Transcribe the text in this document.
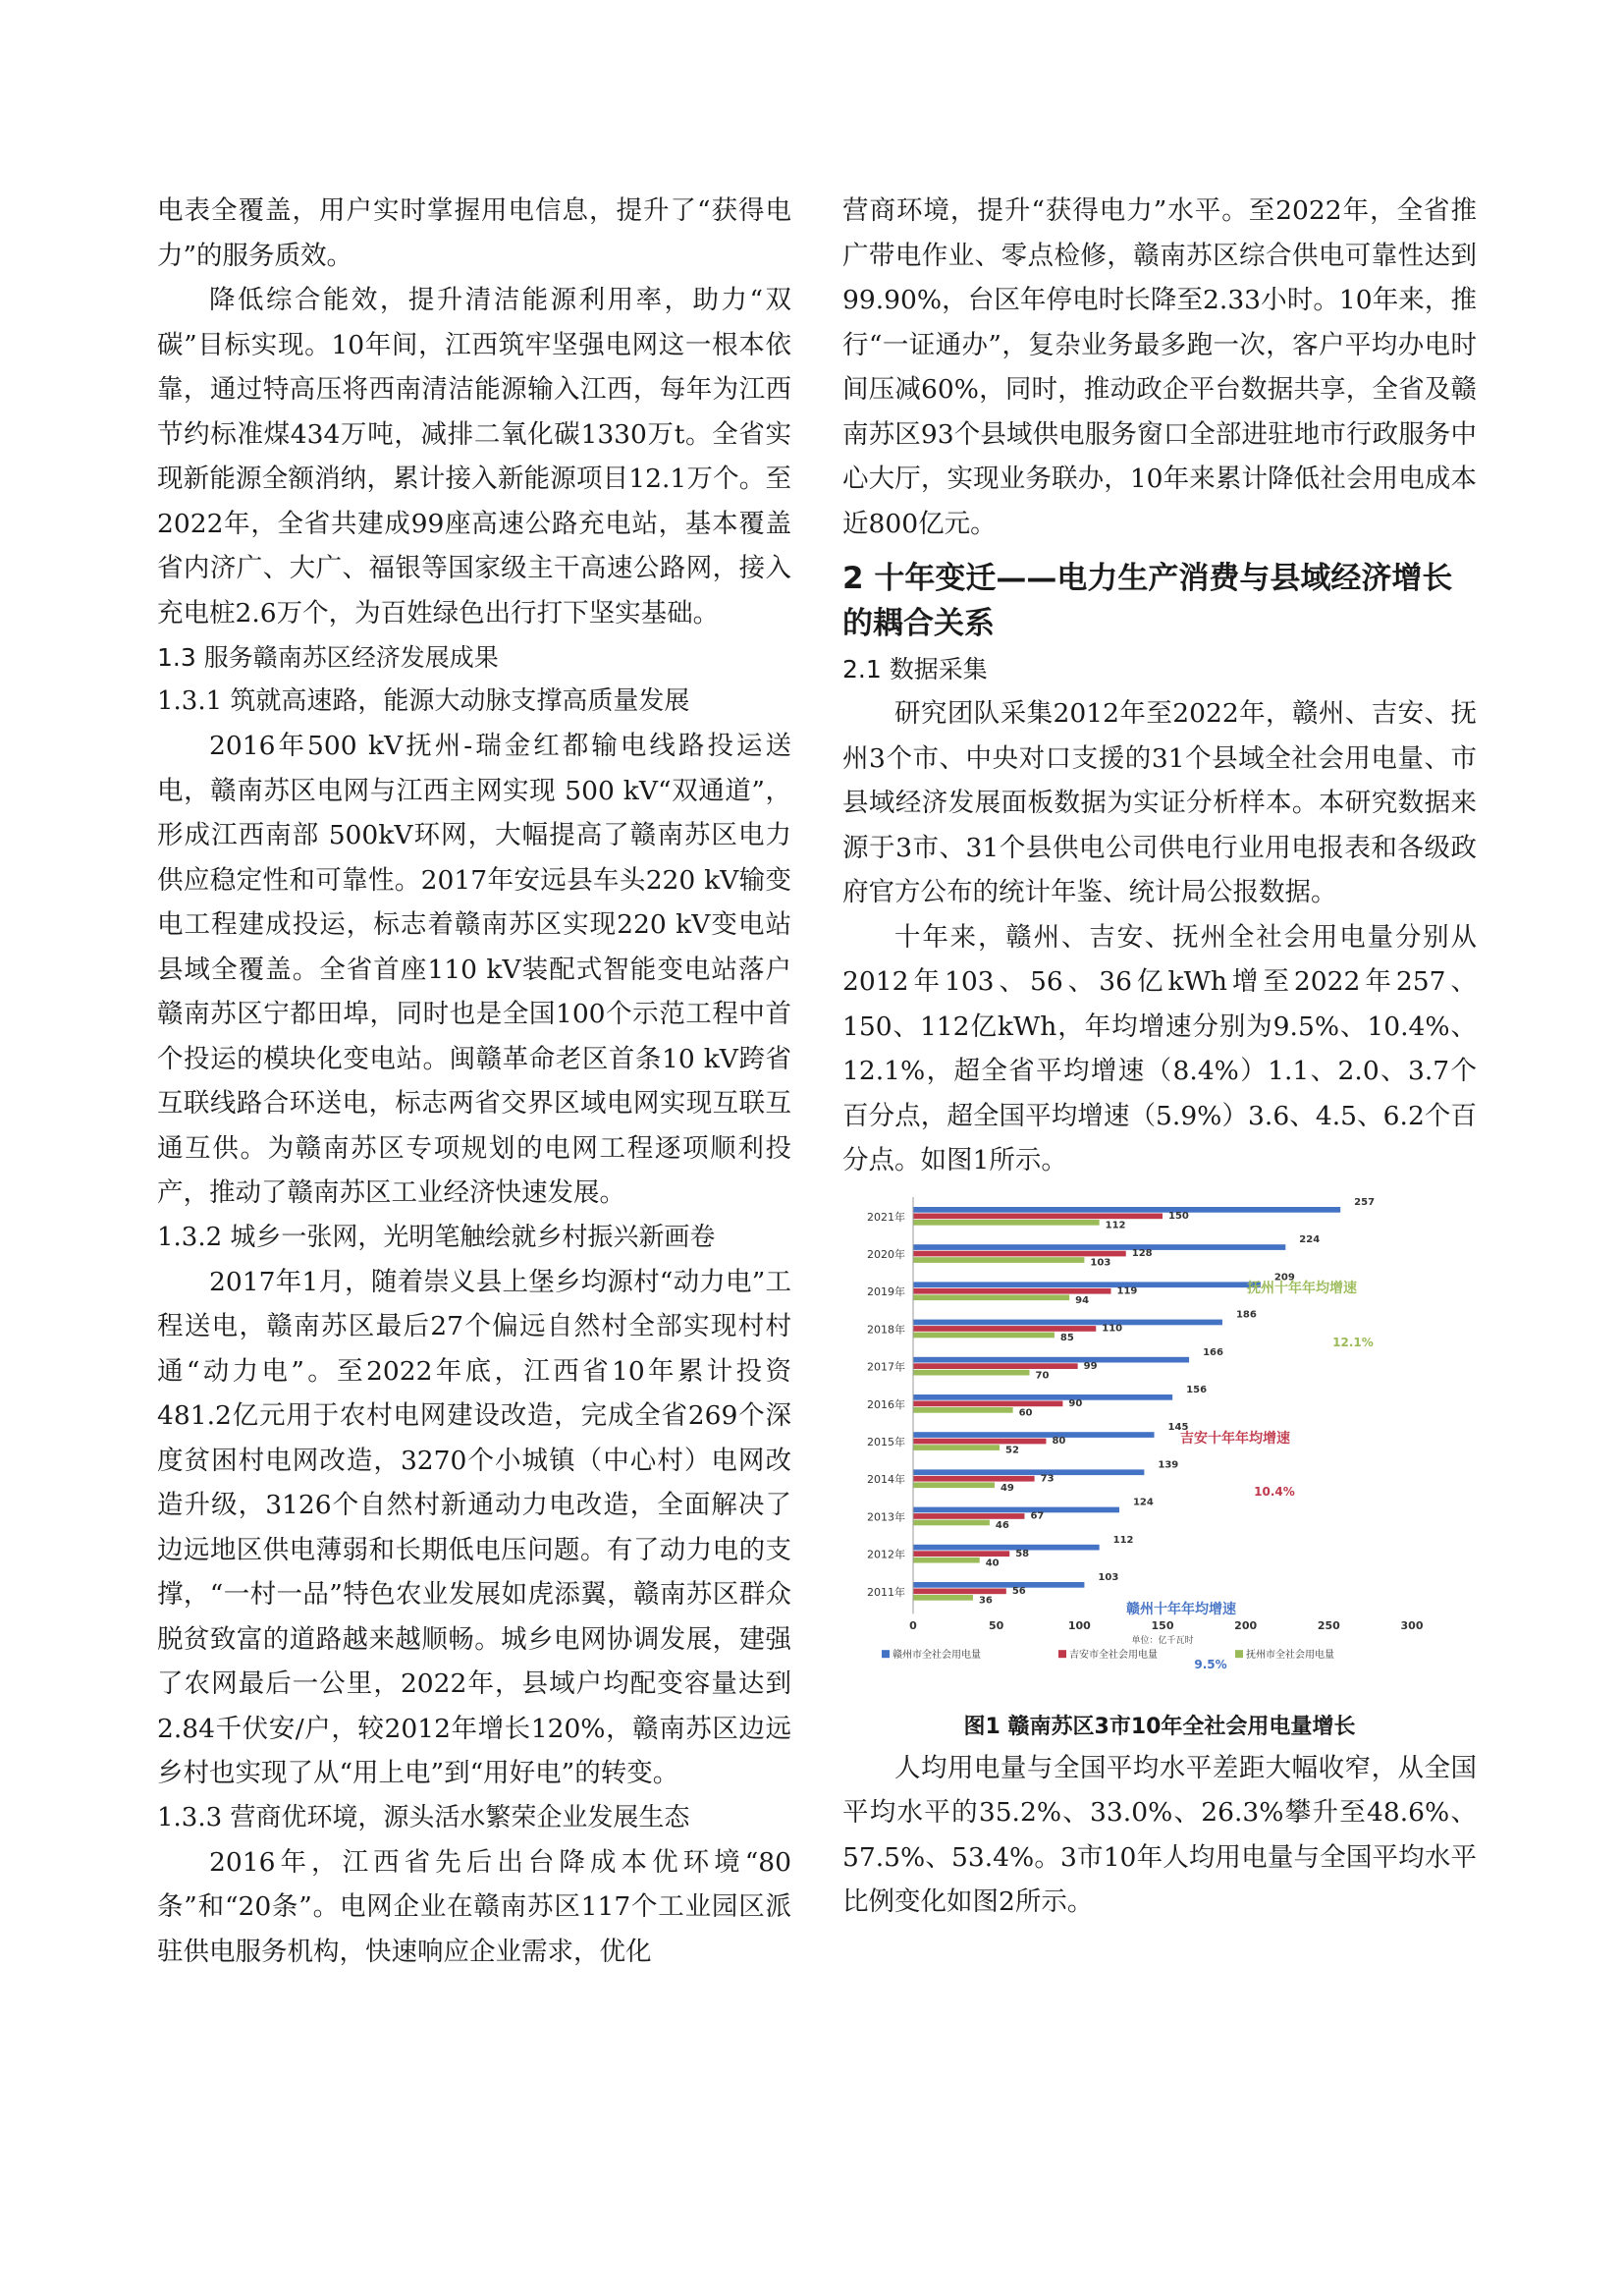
电表全覆盖，用户实时掌握用电信息，提升了“获得电力”的服务质效。

降低综合能效，提升清洁能源利用率，助力“双碳”目标实现。10年间，江西筑牢坚强电网这一根本依靠，通过特高压将西南清洁能源输入江西，每年为江西节约标准煤434万吨，减排二氧化碳1330万t。全省实现新能源全额消纳，累计接入新能源项目12.1万个。至2022年，全省共建成99座高速公路充电站，基本覆盖省内济广、大广、福银等国家级主干高速公路网，接入充电桩2.6万个，为百姓绿色出行打下坚实基础。

1.3 服务赣南苏区经济发展成果

1.3.1 筑就高速路，能源大动脉支撑高质量发展

2016年500 kV抚州-瑞金红都输电线路投运送电，赣南苏区电网与江西主网实现 500 kV“双通道”，形成江西南部 500kV环网，大幅提高了赣南苏区电力供应稳定性和可靠性。2017年安远县车头220 kV输变电工程建成投运，标志着赣南苏区实现220 kV变电站县域全覆盖。全省首座110 kV装配式智能变电站落户赣南苏区宁都田埠，同时也是全国100个示范工程中首个投运的模块化变电站。闽赣革命老区首条10 kV跨省互联线路合环送电，标志两省交界区域电网实现互联互通互供。为赣南苏区专项规划的电网工程逐项顺利投产，推动了赣南苏区工业经济快速发展。

1.3.2 城乡一张网，光明笔触绘就乡村振兴新画卷

2017年1月，随着崇义县上堡乡均源村“动力电”工程送电，赣南苏区最后27个偏远自然村全部实现村村通“动力电”。至2022年底，江西省10年累计投资481.2亿元用于农村电网建设改造，完成全省269个深度贫困村电网改造，3270个小城镇（中心村）电网改造升级，3126个自然村新通动力电改造，全面解决了边远地区供电薄弱和长期低电压问题。有了动力电的支撑，“一村一品”特色农业发展如虎添翼，赣南苏区群众脱贫致富的道路越来越顺畅。城乡电网协调发展，建强了农网最后一公里，2022年，县域户均配变容量达到2.84千伏安/户，较2012年增长120%，赣南苏区边远乡村也实现了从“用上电”到“用好电”的转变。

1.3.3 营商优环境，源头活水繁荣企业发展生态

2016年，江西省先后出台降成本优环境“80条”和“20条”。电网企业在赣南苏区117个工业园区派驻供电服务机构，快速响应企业需求，优化

营商环境，提升“获得电力”水平。至2022年，全省推广带电作业、零点检修，赣南苏区综合供电可靠性达到99.90%，台区年停电时长降至2.33小时。10年来，推行“一证通办”，复杂业务最多跑一次，客户平均办电时间压减60%，同时，推动政企平台数据共享，全省及赣南苏区93个县域供电服务窗口全部进驻地市行政服务中心大厅，实现业务联办，10年来累计降低社会用电成本近800亿元。

2 十年变迁——电力生产消费与县域经济增长的耦合关系

2.1 数据采集

研究团队采集2012年至2022年，赣州、吉安、抚州3个市、中央对口支援的31个县域全社会用电量、市县域经济发展面板数据为实证分析样本。本研究数据来源于3市、31个县供电公司供电行业用电报表和各级政府官方公布的统计年鉴、统计局公报数据。

十年来，赣州、吉安、抚州全社会用电量分别从2012年103、56、36亿kWh增至2022年257、150、112亿kWh，年均增速分别为9.5%、10.4%、12.1%，超全省平均增速（8.4%）1.1、2.0、3.7个百分点，超全国平均增速（5.9%）3.6、4.5、6.2个百分点。如图1所示。

2021年
257
150
112
2020年
224
128
103
2019年
209
119
94
2018年
186
110
85
2017年
166
99
70
2016年
156
90
60
2015年
145
80
52
2014年
139
73
49
2013年
124
67
46
2012年
112
58
40
2011年
103
56
36
0	50	100	150	200	250	300
单位：亿千瓦时
赣州市全社会用电量	吉安市全社会用电量	抚州市全社会用电量
抚州十年年均增速
12.1%
吉安十年年均增速
10.4%
赣州十年年均增速
9.5%

图1 赣南苏区3市10年全社会用电量增长

人均用电量与全国平均水平差距大幅收窄，从全国平均水平的35.2%、33.0%、26.3%攀升至48.6%、57.5%、53.4%。3市10年人均用电量与全国平均水平比例变化如图2所示。
